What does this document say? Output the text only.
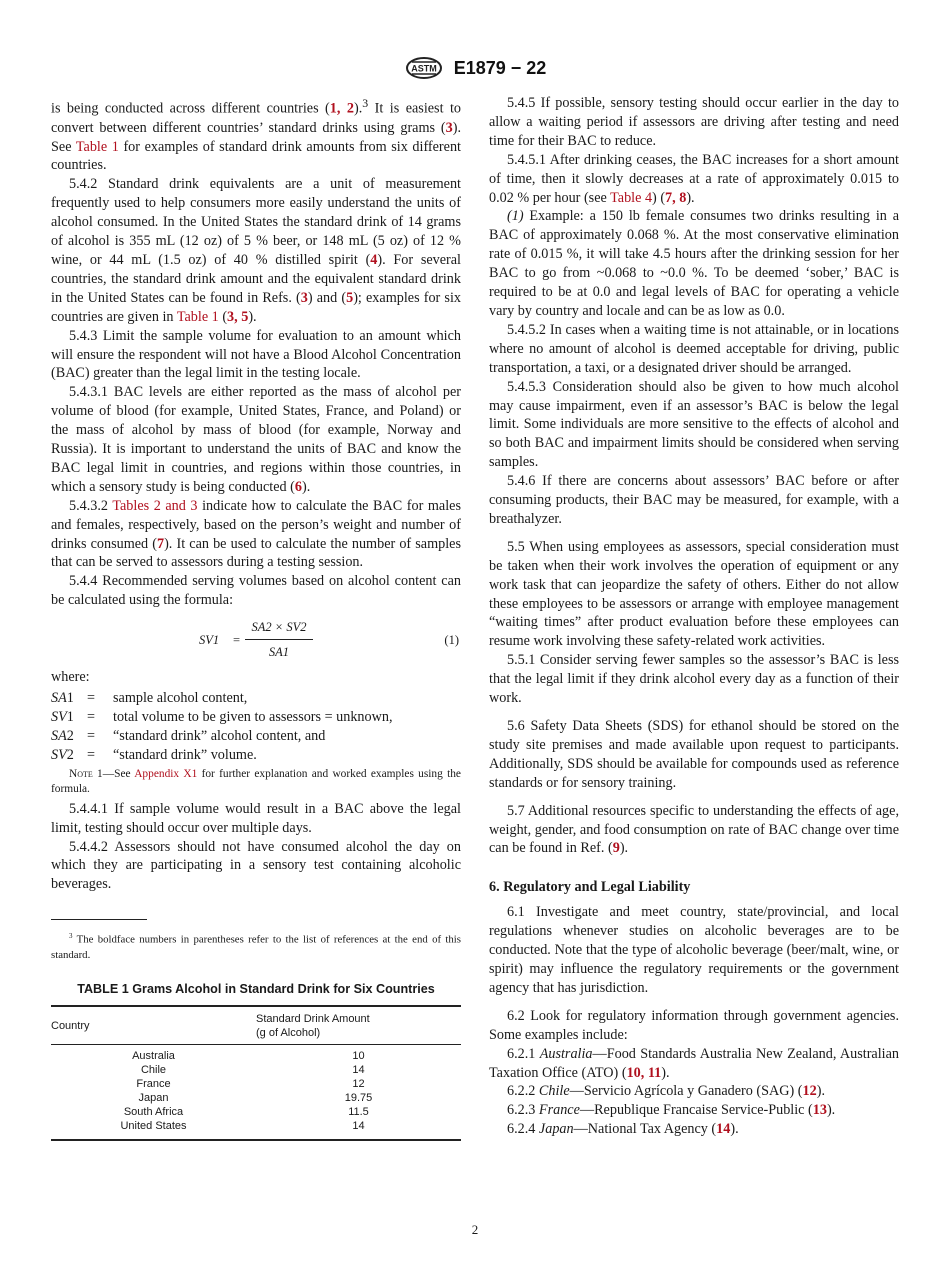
ASTM E1879 − 22

is being conducted across different countries (1, 2).$^3$ It is easiest to convert between different countries’ standard drinks using grams (3). See Table 1 for examples of standard drink amounts from six different countries.

5.4.2 Standard drink equivalents are a unit of measurement frequently used to help consumers more easily understand the units of alcohol consumed. In the United States the standard drink of 14 grams of alcohol is 355 mL (12 oz) of 5 % beer, or 148 mL (5 oz) of 12 % wine, or 44 mL (1.5 oz) of 40 % distilled spirit (4). For several countries, the standard drink amount and the equivalent standard drink in the United States can be found in Refs. (3) and (5); examples for six countries are given in Table 1 (3, 5).

5.4.3 Limit the sample volume for evaluation to an amount which will ensure the respondent will not have a Blood Alcohol Concentration (BAC) greater than the legal limit in the testing locale.

5.4.3.1 BAC levels are either reported as the mass of alcohol per volume of blood (for example, United States, France, and Poland) or the mass of alcohol by mass of blood (for example, Norway and Russia). It is important to understand the units of BAC and know the BAC legal limit in countries, and regions within those countries, in which a sensory study is being conducted (6).

5.4.3.2 Tables 2 and 3 indicate how to calculate the BAC for males and females, respectively, based on the person’s weight and number of drinks consumed (7). It can be used to calculate the number of samples that can be served to assessors during a testing session.

5.4.4 Recommended serving volumes based on alcohol content can be calculated using the formula:

$SV1 = \frac{SA2 \times SV2}{SA1}$	(1)
where:
SA1 =	sample alcohol content,
SV1 =	total volume to be given to assessors = unknown,
SA2 =	“standard drink” alcohol content, and
SV2 =	“standard drink” volume.
Note 1—See Appendix X1 for further explanation and worked examples using the formula.

5.4.4.1 If sample volume would result in a BAC above the legal limit, testing should occur over multiple days.

5.4.4.2 Assessors should not have consumed alcohol the day on which they are participating in a sensory test containing alcoholic beverages.

$^3$ The boldface numbers in parentheses refer to the list of references at the end of this standard.
TABLE 1 Grams Alcohol in Standard Drink for Six Countries
Country	Standard Drink Amount
(g of Alcohol)
Australia	10
Chile	14
France	12
Japan	19.75
South Africa	11.5
United States	14

5.4.5 If possible, sensory testing should occur earlier in the day to allow a waiting period if assessors are driving after testing and need time for their BAC to reduce.

5.4.5.1 After drinking ceases, the BAC increases for a short amount of time, then it slowly decreases at a rate of approximately 0.015 to 0.02 % per hour (see Table 4) (7, 8).

(1) Example: a 150 lb female consumes two drinks resulting in a BAC of approximately 0.068 %. At the most conservative elimination rate of 0.015 %, it will take 4.5 hours after the drinking session for her BAC to go from ~0.068 to ~0.0 %. To be deemed ‘sober,’ BAC is required to be at 0.0 and legal levels of BAC for operating a vehicle vary by country and locale and can be as low as 0.0.

5.4.5.2 In cases when a waiting time is not attainable, or in locations where no amount of alcohol is deemed acceptable for driving, public transportation, a taxi, or a designated driver should be arranged.

5.4.5.3 Consideration should also be given to how much alcohol may cause impairment, even if an assessor’s BAC is below the legal limit. Some individuals are more sensitive to the effects of alcohol and so both BAC and impairment limits should be considered when serving samples.

5.4.6 If there are concerns about assessors’ BAC before or after consuming products, their BAC may be measured, for example, with a breathalyzer.

5.5 When using employees as assessors, special consideration must be taken when their work involves the operation of equipment or any work task that can jeopardize the safety of others. Either do not allow these employees to be assessors or arrange with employee management “waiting times” after product evaluation before these employees can resume work involving these safety-related work activities.

5.5.1 Consider serving fewer samples so the assessor’s BAC is less that the legal limit if they drink alcohol every day as a function of their work.

5.6 Safety Data Sheets (SDS) for ethanol should be stored on the study site premises and made available upon request to participants. Additionally, SDS should be available for compounds used as reference standards or for sensory training.

5.7 Additional resources specific to understanding the effects of age, weight, gender, and food consumption on rate of BAC change over time can be found in Ref. (9).

6. Regulatory and Legal Liability

6.1 Investigate and meet country, state/provincial, and local regulations whenever studies on alcoholic beverages are to be conducted. Note that the type of alcoholic beverage (beer/malt, wine, or spirit) may influence the regulatory requirements or the government agency that has jurisdiction.

6.2 Look for regulatory information through government agencies. Some examples include:

6.2.1 Australia—Food Standards Australia New Zealand, Australian Taxation Office (ATO) (10, 11).

6.2.2 Chile—Servicio Agrícola y Ganadero (SAG) (12).

6.2.3 France—Republique Francaise Service-Public (13).

6.2.4 Japan—National Tax Agency (14).

2
